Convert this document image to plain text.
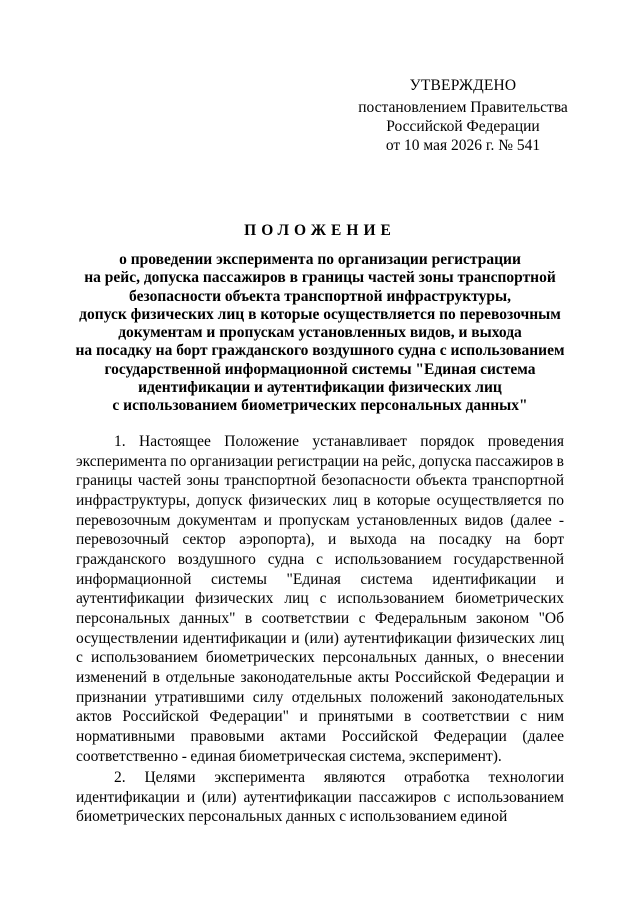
УТВЕРЖДЕНО
постановлением Правительства
Российской Федерации
от 10 мая 2026 г. № 541
ПОЛОЖЕНИЕ
о проведении эксперимента по организации регистрации
на рейс, допуска пассажиров в границы частей зоны транспортной
безопасности объекта транспортной инфраструктуры,
допуск физических лиц в которые осуществляется по перевозочным
документам и пропускам установленных видов, и выхода
на посадку на борт гражданского воздушного судна с использованием
государственной информационной системы "Единая система
идентификации и аутентификации физических лиц
с использованием биометрических персональных данных"

1. Настоящее Положение устанавливает порядок проведения эксперимента по организации регистрации на рейс, допуска пассажиров в границы частей зоны транспортной безопасности объекта транспортной инфраструктуры, допуск физических лиц в которые осуществляется по перевозочным документам и пропускам установленных видов (далее - перевозочный сектор аэропорта), и выхода на посадку на борт гражданского воздушного судна с использованием государственной информационной системы "Единая система идентификации и аутентификации физических лиц с использованием биометрических персональных данных" в соответствии с Федеральным законом "Об осуществлении идентификации и (или) аутентификации физических лиц с использованием биометрических персональных данных, о внесении изменений в отдельные законодательные акты Российской Федерации и признании утратившими силу отдельных положений законодательных актов Российской Федерации" и принятыми в соответствии с ним нормативными правовыми актами Российской Федерации (далее соответственно - единая биометрическая система, эксперимент).

2. Целями эксперимента являются отработка технологии идентификации и (или) аутентификации пассажиров с использованием биометрических персональных данных с использованием единой
